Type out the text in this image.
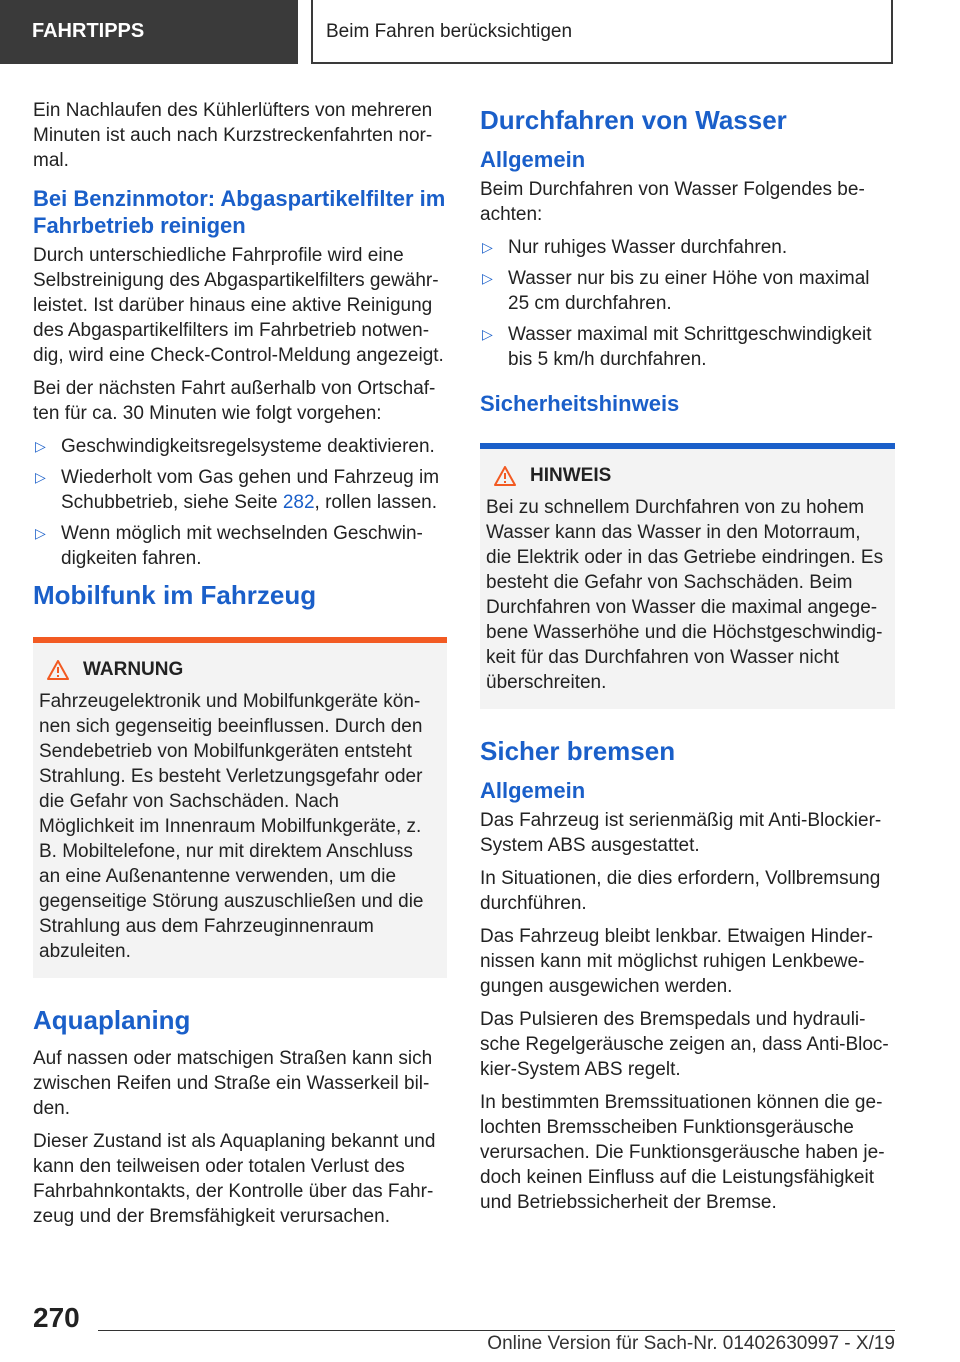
FAHRTIPPS	Beim Fahren berücksichtigen

Ein Nachlaufen des Kühlerlüfters von mehreren Minuten ist auch nach Kurzstreckenfahrten normal.

Bei Benzinmotor: Abgaspartikelfilter im Fahrbetrieb reinigen

Durch unterschiedliche Fahrprofile wird eine Selbstreinigung des Abgaspartikelfilters gewährleistet. Ist darüber hinaus eine aktive Reinigung des Abgaspartikelfilters im Fahrbetrieb notwendig, wird eine Check-Control-Meldung angezeigt.

Bei der nächsten Fahrt außerhalb von Ortschaften für ca. 30 Minuten wie folgt vorgehen:

▷ Geschwindigkeitsregelsysteme deaktivieren.
▷ Wiederholt vom Gas gehen und Fahrzeug im Schubbetrieb, siehe Seite 282, rollen lassen.
▷ Wenn möglich mit wechselnden Geschwindigkeiten fahren.
Mobilfunk im Fahrzeug
WARNUNG

Fahrzeugelektronik und Mobilfunkgeräte können sich gegenseitig beeinflussen. Durch den Sendebetrieb von Mobilfunkgeräten entsteht Strahlung. Es besteht Verletzungsgefahr oder die Gefahr von Sachschäden. Nach Möglichkeit im Innenraum Mobilfunkgeräte, z. B. Mobiltelefone, nur mit direktem Anschluss an eine Außenantenne verwenden, um die gegenseitige Störung auszuschließen und die Strahlung aus dem Fahrzeuginnenraum abzuleiten.

Aquaplaning

Auf nassen oder matschigen Straßen kann sich zwischen Reifen und Straße ein Wasserkeil bilden.

Dieser Zustand ist als Aquaplaning bekannt und kann den teilweisen oder totalen Verlust des Fahrbahnkontakts, der Kontrolle über das Fahrzeug und der Bremsfähigkeit verursachen.

Durchfahren von Wasser
Allgemein

Beim Durchfahren von Wasser Folgendes beachten:

▷ Nur ruhiges Wasser durchfahren.
▷ Wasser nur bis zu einer Höhe von maximal 25 cm durchfahren.
▷ Wasser maximal mit Schrittgeschwindigkeit bis 5 km/h durchfahren.
Sicherheitshinweis
HINWEIS

Bei zu schnellem Durchfahren von zu hohem Wasser kann das Wasser in den Motorraum, die Elektrik oder in das Getriebe eindringen. Es besteht die Gefahr von Sachschäden. Beim Durchfahren von Wasser die maximal angegebene Wasserhöhe und die Höchstgeschwindigkeit für das Durchfahren von Wasser nicht überschreiten.

Sicher bremsen
Allgemein

Das Fahrzeug ist serienmäßig mit Anti-Blockier-System ABS ausgestattet.

In Situationen, die dies erfordern, Vollbremsung durchführen.

Das Fahrzeug bleibt lenkbar. Etwaigen Hindernissen kann mit möglichst ruhigen Lenkbewegungen ausgewichen werden.

Das Pulsieren des Bremspedals und hydraulische Regelgeräusche zeigen an, dass Anti-Blockier-System ABS regelt.

In bestimmten Bremssituationen können die gelochten Bremsscheiben Funktionsgeräusche verursachen. Die Funktionsgeräusche haben jedoch keinen Einfluss auf die Leistungsfähigkeit und Betriebssicherheit der Bremse.

270
Online Version für Sach-Nr. 01402630997 - X/19
